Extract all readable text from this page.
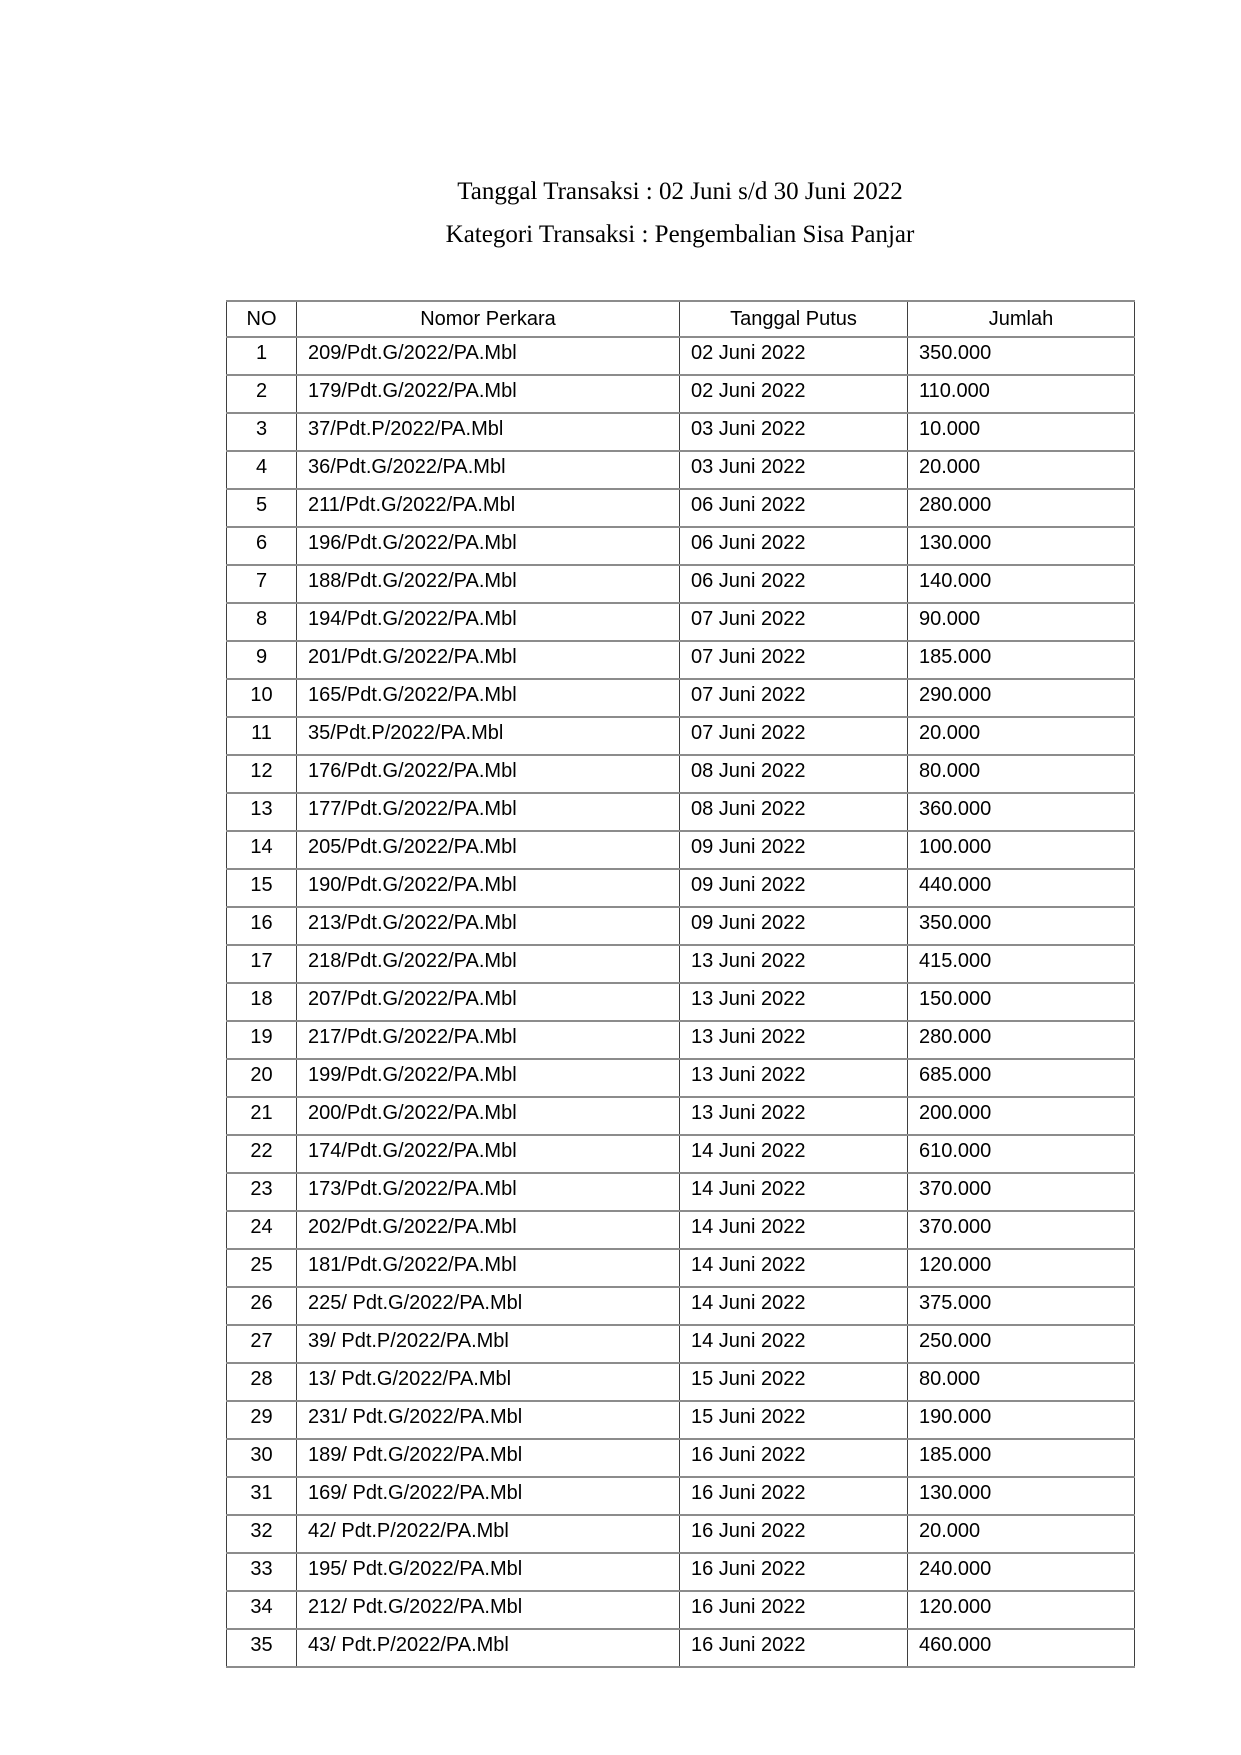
Tanggal Transaksi : 02 Juni s/d 30 Juni 2022
Kategori Transaksi : Pengembalian Sisa Panjar
NO	Nomor Perkara	Tanggal Putus	Jumlah
1	209/Pdt.G/2022/PA.Mbl	02 Juni 2022	350.000
2	179/Pdt.G/2022/PA.Mbl	02 Juni 2022	110.000
3	37/Pdt.P/2022/PA.Mbl	03 Juni 2022	10.000
4	36/Pdt.G/2022/PA.Mbl	03 Juni 2022	20.000
5	211/Pdt.G/2022/PA.Mbl	06 Juni 2022	280.000
6	196/Pdt.G/2022/PA.Mbl	06 Juni 2022	130.000
7	188/Pdt.G/2022/PA.Mbl	06 Juni 2022	140.000
8	194/Pdt.G/2022/PA.Mbl	07 Juni 2022	90.000
9	201/Pdt.G/2022/PA.Mbl	07 Juni 2022	185.000
10	165/Pdt.G/2022/PA.Mbl	07 Juni 2022	290.000
11	35/Pdt.P/2022/PA.Mbl	07 Juni 2022	20.000
12	176/Pdt.G/2022/PA.Mbl	08 Juni 2022	80.000
13	177/Pdt.G/2022/PA.Mbl	08 Juni 2022	360.000
14	205/Pdt.G/2022/PA.Mbl	09 Juni 2022	100.000
15	190/Pdt.G/2022/PA.Mbl	09 Juni 2022	440.000
16	213/Pdt.G/2022/PA.Mbl	09 Juni 2022	350.000
17	218/Pdt.G/2022/PA.Mbl	13 Juni 2022	415.000
18	207/Pdt.G/2022/PA.Mbl	13 Juni 2022	150.000
19	217/Pdt.G/2022/PA.Mbl	13 Juni 2022	280.000
20	199/Pdt.G/2022/PA.Mbl	13 Juni 2022	685.000
21	200/Pdt.G/2022/PA.Mbl	13 Juni 2022	200.000
22	174/Pdt.G/2022/PA.Mbl	14 Juni 2022	610.000
23	173/Pdt.G/2022/PA.Mbl	14 Juni 2022	370.000
24	202/Pdt.G/2022/PA.Mbl	14 Juni 2022	370.000
25	181/Pdt.G/2022/PA.Mbl	14 Juni 2022	120.000
26	225/ Pdt.G/2022/PA.Mbl	14 Juni 2022	375.000
27	39/ Pdt.P/2022/PA.Mbl	14 Juni 2022	250.000
28	13/ Pdt.G/2022/PA.Mbl	15 Juni 2022	80.000
29	231/ Pdt.G/2022/PA.Mbl	15 Juni 2022	190.000
30	189/ Pdt.G/2022/PA.Mbl	16 Juni 2022	185.000
31	169/ Pdt.G/2022/PA.Mbl	16 Juni 2022	130.000
32	42/ Pdt.P/2022/PA.Mbl	16 Juni 2022	20.000
33	195/ Pdt.G/2022/PA.Mbl	16 Juni 2022	240.000
34	212/ Pdt.G/2022/PA.Mbl	16 Juni 2022	120.000
35	43/ Pdt.P/2022/PA.Mbl	16 Juni 2022	460.000
